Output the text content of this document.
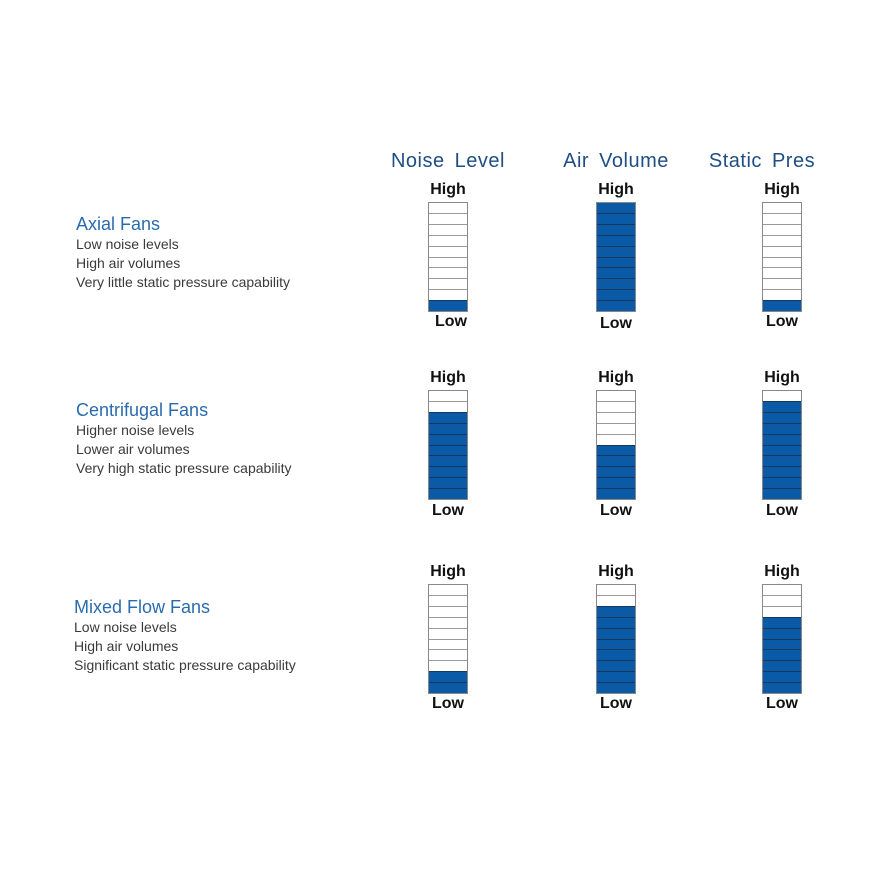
Noise Level	Air Volume	Static Pres
Axial Fans
Low noise levels
High air volumes
Very little static pressure capability
Centrifugal Fans
Higher noise levels
Lower air volumes
Very high static pressure capability
Mixed Flow Fans
Low noise levels
High air volumes
Significant static pressure capability
High
Low
High
Low
High
Low
High
Low
High
Low
High
Low
High
Low
High
Low
High
Low
